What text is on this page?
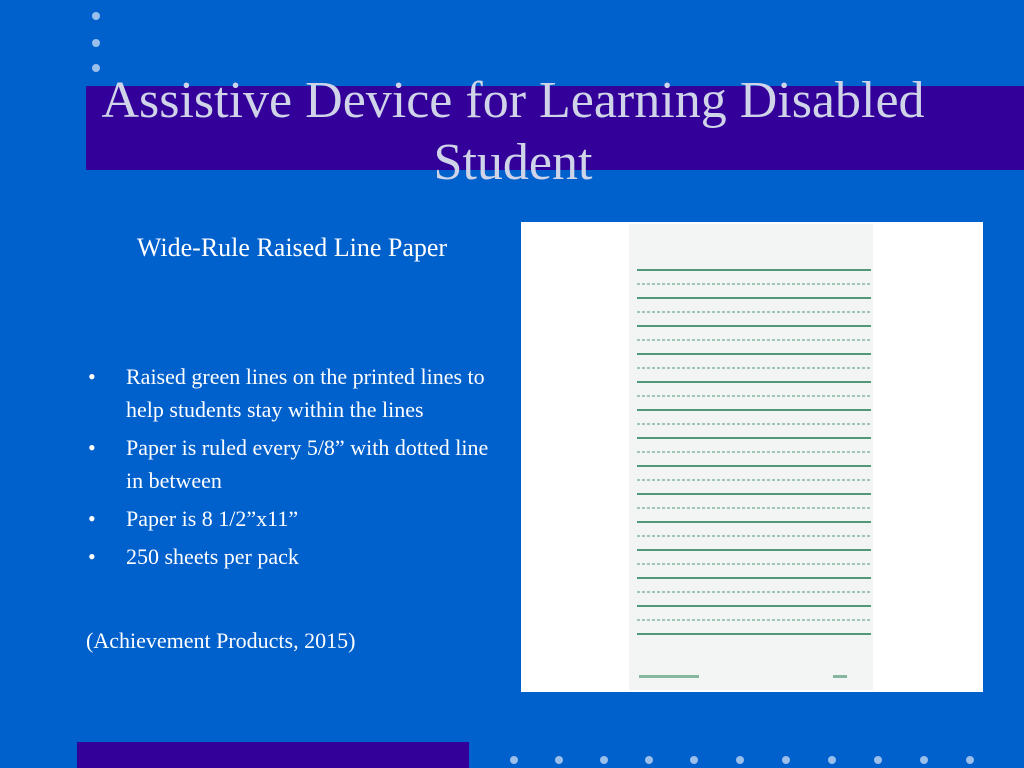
Assistive Device for Learning Disabled Student
Wide-Rule Raised Line Paper
• Raised green lines on the printed lines to help students stay within the lines
• Paper is ruled every 5/8” with dotted line in between
• Paper is 8 1/2”x11”
• 250 sheets per pack
(Achievement Products, 2015)
